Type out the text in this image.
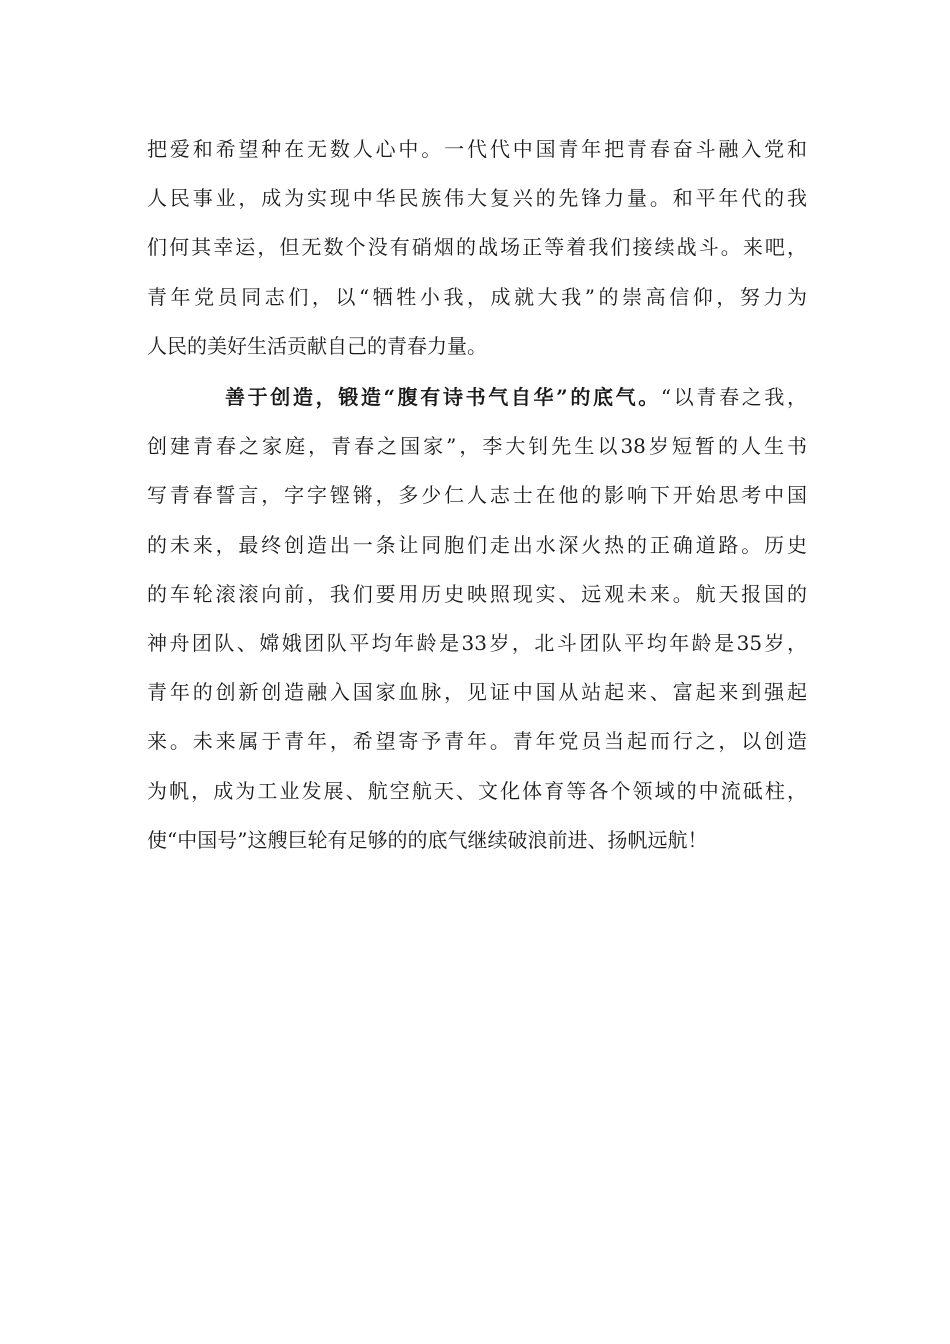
把爱和希望种在无数人心中。一代代中国青年把青春奋斗融入党和
人民事业，成为实现中华民族伟大复兴的先锋力量。和平年代的我
们何其幸运，但无数个没有硝烟的战场正等着我们接续战斗。来吧，
青年党员同志们，以“牺牲小我，成就大我”的崇高信仰，努力为
人民的美好生活贡献自己的青春力量。
善于创造，锻造“腹有诗书气自华”的底气。“以青春之我，
创建青春之家庭，青春之国家”，李大钊先生以38岁短暂的人生书
写青春誓言，字字铿锵，多少仁人志士在他的影响下开始思考中国
的未来，最终创造出一条让同胞们走出水深火热的正确道路。历史
的车轮滚滚向前，我们要用历史映照现实、远观未来。航天报国的
神舟团队、嫦娥团队平均年龄是33岁，北斗团队平均年龄是35岁，
青年的创新创造融入国家血脉，见证中国从站起来、富起来到强起
来。未来属于青年，希望寄予青年。青年党员当起而行之，以创造
为帆，成为工业发展、航空航天、文化体育等各个领域的中流砥柱，
使“中国号”这艘巨轮有足够的的底气继续破浪前进、扬帆远航！
